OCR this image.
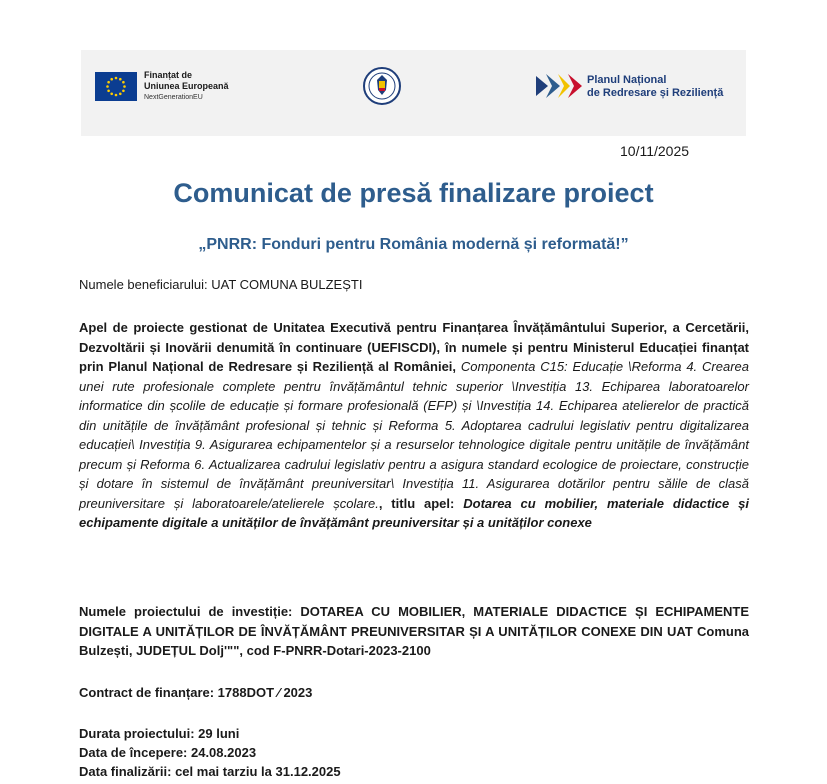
Finanțat de
Uniunea Europeană
NextGenerationEU
Planul Național
de Redresare și Reziliență
10/11/2025
Comunicat de presă finalizare proiect
„PNRR: Fonduri pentru România modernă și reformată!”
Numele beneficiarului: UAT COMUNA BULZEȘTI
Apel de proiecte gestionat de Unitatea Executivă pentru Finanțarea Învățământului Superior, a Cercetării, Dezvoltării și Inovării denumită în continuare (UEFISCDI), în numele și pentru Ministerul Educației finanțat prin Planul Național de Redresare și Reziliență al României, Componenta C15: Educație \Reforma 4. Crearea unei rute profesionale complete pentru învățământul tehnic superior \Investiția 13. Echiparea laboratoarelor informatice din școlile de educație și formare profesională (EFP) și \Investiția 14. Echiparea atelierelor de practică din unitățile de învățământ profesional și tehnic și Reforma 5. Adoptarea cadrului legislativ pentru digitalizarea educației\ Investiția 9. Asigurarea echipamentelor și a resurselor tehnologice digitale pentru unitățile de învățământ precum și Reforma 6. Actualizarea cadrului legislativ pentru a asigura standard ecologice de proiectare, construcție și dotare în sistemul de învățământ preuniversitar\ Investiția 11. Asigurarea dotărilor pentru sălile de clasă preuniversitare și laboratoarele/atelierele școlare., titlu apel: Dotarea cu mobilier, materiale didactice și echipamente digitale a unităților de învățământ preuniversitar și a unităților conexe
Numele proiectului de investiție: DOTAREA CU MOBILIER, MATERIALE DIDACTICE ȘI ECHIPAMENTE DIGITALE A UNITĂȚILOR DE ÎNVĂȚĂMÂNT PREUNIVERSITAR ȘI A UNITĂȚILOR CONEXE DIN UAT Comuna Bulzești, JUDEȚUL Dolj'"", cod F-PNRR-Dotari-2023-2100
Contract de finanțare: 1788DOT ⁄ 2023
Durata proiectului: 29 luni
Data de începere: 24.08.2023
Data finalizării: cel mai tarziu la 31.12.2025
